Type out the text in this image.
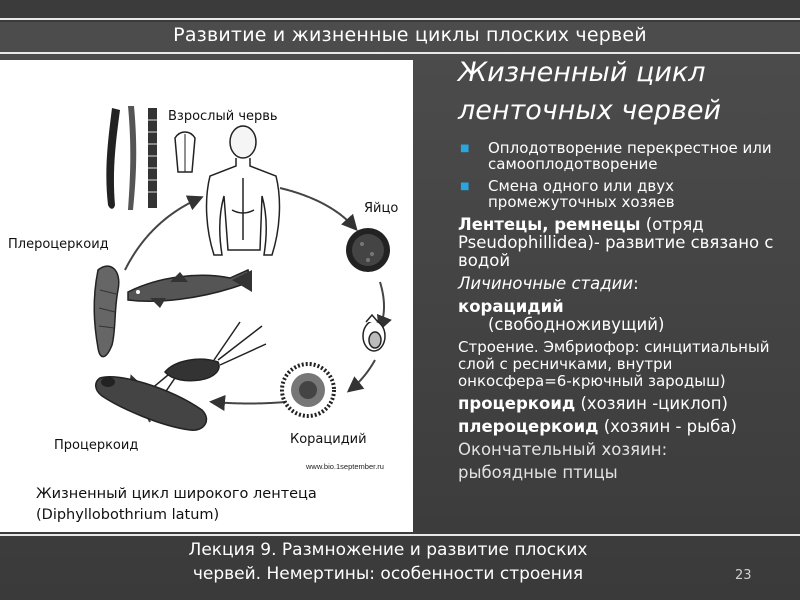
Развитие и жизненные циклы плоских червей
Взрослый червь
Яйцо
Плероцеркоид
Процеркоид	Корацидий
www.bio.1september.ru
Жизненный цикл широкого лентеца
(Diphyllobothrium latum)
Жизненный цикл
ленточных червей
■ Оплодотворение перекрестное или самооплодотворение
■ Смена одного или двух промежуточных хозяев
Лентецы, ремнецы (отряд Pseudophillidea)- развитие связано с водой
Личиночные стадии:
корацидий
(свободноживущий)
Строение. Эмбриофор: синцитиальный слой с ресничками, внутри онкосфера=6-крючный зародыш)
процеркоид (хозяин -циклоп)
плероцеркоид (хозяин - рыба)
Окончательный хозяин:
рыбоядные птицы
Лекция 9. Размножение и развитие плоских
червей. Немертины: особенности строения	23
